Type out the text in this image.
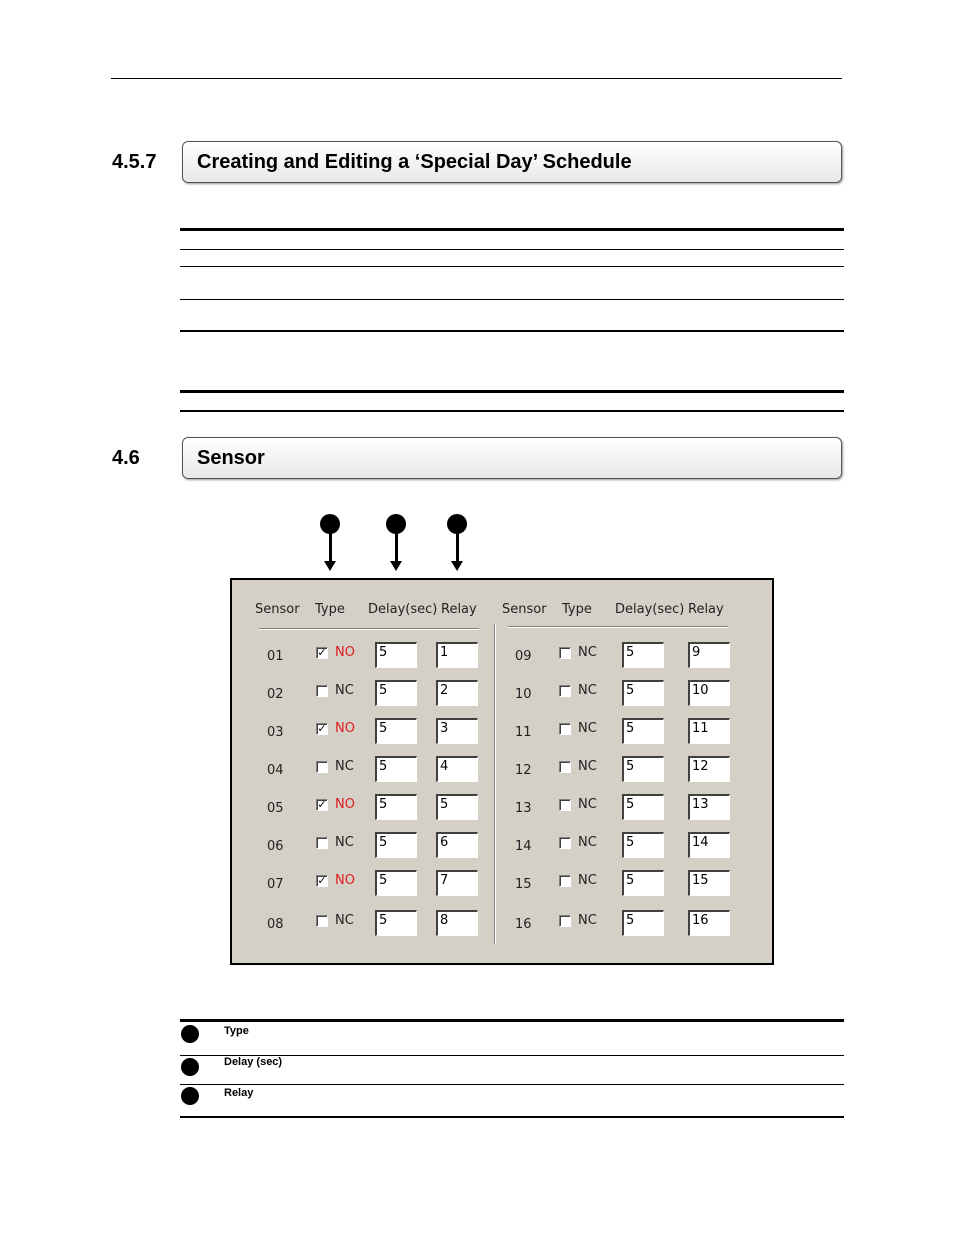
4.5.7 Creating and Editing a ‘Special Day’ Schedule
4.6	Sensor
Sensor Type Delay(sec) Relay Sensor Type Delay(sec) Relay
01	✓ NO	5	1
02	NC	5	2
03	✓ NO	5	3
04	NC	5	4
05	✓ NO	5	5
06	NC	5	6
07	✓ NO	5	7
08	NC	5	8
09	NC	5	9
10	NC	5	10
11	NC	5	11
12	NC	5	12
13	NC	5	13
14	NC	5	14
15	NC	5	15
16	NC	5	16
Type
Delay (sec)
Relay
